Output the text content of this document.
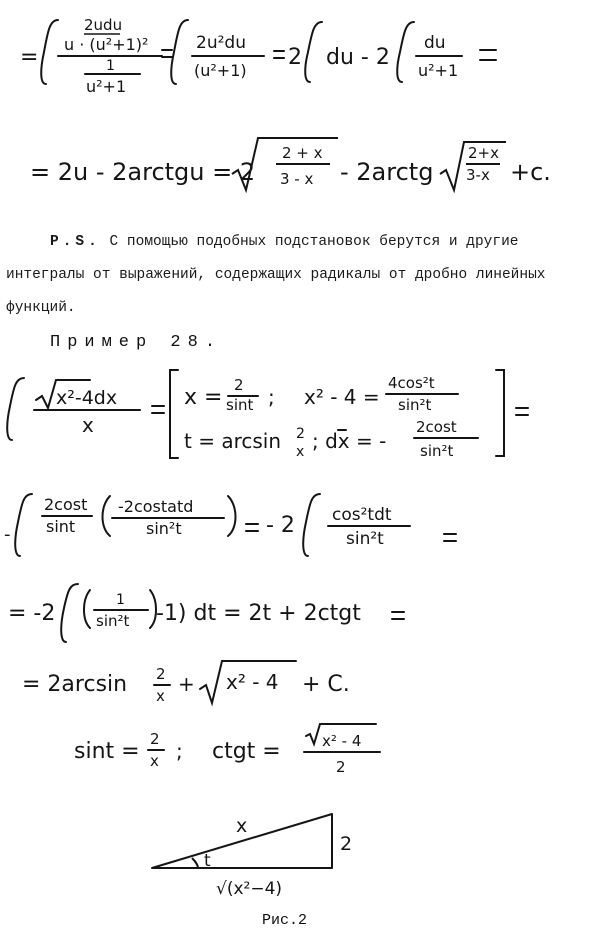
=
2udu
u · (u²+1)²
1
u²+1
2u²du
(u²+1)
2 du - 2
du
u²+1
= 2u - 2arctgu = 2	- 2arctg	+c.
2 + x
3 - x
2+x
3-x
P.S. С помощью подобных подстановок берутся и другие интегралы от выражений, содержащих радикалы от дробно линейных функций.
Пример 28.
x²-4dx
x
x = 2
sint ; x² - 4 =
4cos²t
sin²t
t = arcsin 2
x ; dx = -
2cost
sin²t
-
2cost
sint
-2costatd
sin²t	- 2 cos²tdt
sin²t
= -2
1
sin²t -1) dt = 2t + 2ctgt
= 2arcsin 2
x + x² - 4 + C.
sint = 2
x ; ctgt =	x² - 4
2
x
2
t
√(x²−4)
Рис.2
